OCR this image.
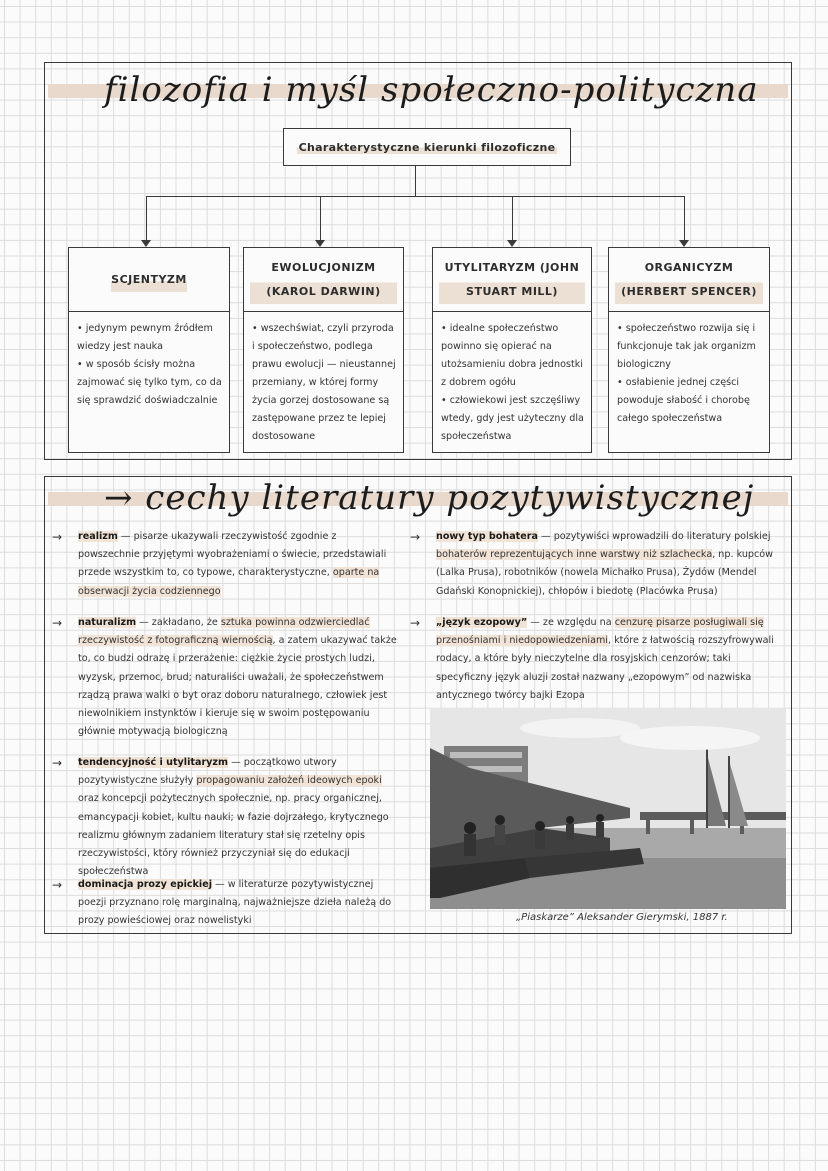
filozofia i myśl społeczno-polityczna
Charakterystyczne kierunki filozoficzne
SCJENTYZM
• jedynym pewnym źródłem wiedzy jest nauka
• w sposób ścisły można zajmować się tylko tym, co da się sprawdzić doświadczalnie
EWOLUCJONIZM (KAROL DARWIN)
• wszechświat, czyli przyroda i społeczeństwo, podlega prawu ewolucji — nieustannej przemiany, w której formy życia gorzej dostosowane są zastępowane przez te lepiej dostosowane
UTYLITARYZM (JOHN STUART MILL)
• idealne społeczeństwo powinno się opierać na utożsamieniu dobra jednostki z dobrem ogółu
• człowiekowi jest szczęśliwy wtedy, gdy jest użyteczny dla społeczeństwa
ORGANICYZM (HERBERT SPENCER)
• społeczeństwo rozwija się i funkcjonuje tak jak organizm biologiczny
• osłabienie jednej części powoduje słabość i chorobę całego społeczeństwa
→ cechy literatury pozytywistycznej
→ realizm — pisarze ukazywali rzeczywistość zgodnie z powszechnie przyjętymi wyobrażeniami o świecie, przedstawiali przede wszystkim to, co typowe, charakterystyczne, oparte na obserwacji życia codziennego
→ naturalizm — zakładano, że sztuka powinna odzwierciedlać rzeczywistość z fotograficzną wiernością, a zatem ukazywać także to, co budzi odrazę i przerażenie: ciężkie życie prostych ludzi, wyzysk, przemoc, brud; naturaliści uważali, że społeczeństwem rządzą prawa walki o byt oraz doboru naturalnego, człowiek jest niewolnikiem instynktów i kieruje się w swoim postępowaniu głównie motywacją biologiczną
→ tendencyjność i utylitaryzm — początkowo utwory pozytywistyczne służyły propagowaniu założeń ideowych epoki oraz koncepcji pożytecznych społecznie, np. pracy organicznej, emancypacji kobiet, kultu nauki; w fazie dojrzałego, krytycznego realizmu głównym zadaniem literatury stał się rzetelny opis rzeczywistości, który również przyczyniał się do edukacji społeczeństwa
→ dominacja prozy epickiej — w literaturze pozytywistycznej poezji przyznano rolę marginalną, najważniejsze dzieła należą do prozy powieściowej oraz nowelistyki
→ nowy typ bohatera — pozytywiści wprowadzili do literatury polskiej bohaterów reprezentujących inne warstwy niż szlachecka, np. kupców (Lalka Prusa), robotników (nowela Michałko Prusa), Żydów (Mendel Gdański Konopnickiej), chłopów i biedotę (Placówka Prusa)
→ „język ezopowy” — ze względu na cenzurę pisarze posługiwali się przenośniami i niedopowiedzeniami, które z łatwością rozszyfrowywali rodacy, a które były nieczytelne dla rosyjskich cenzorów; taki specyficzny język aluzji został nazwany „ezopowym” od nazwiska antycznego twórcy bajki Ezopa
„Piaskarze” Aleksander Gierymski, 1887 r.
